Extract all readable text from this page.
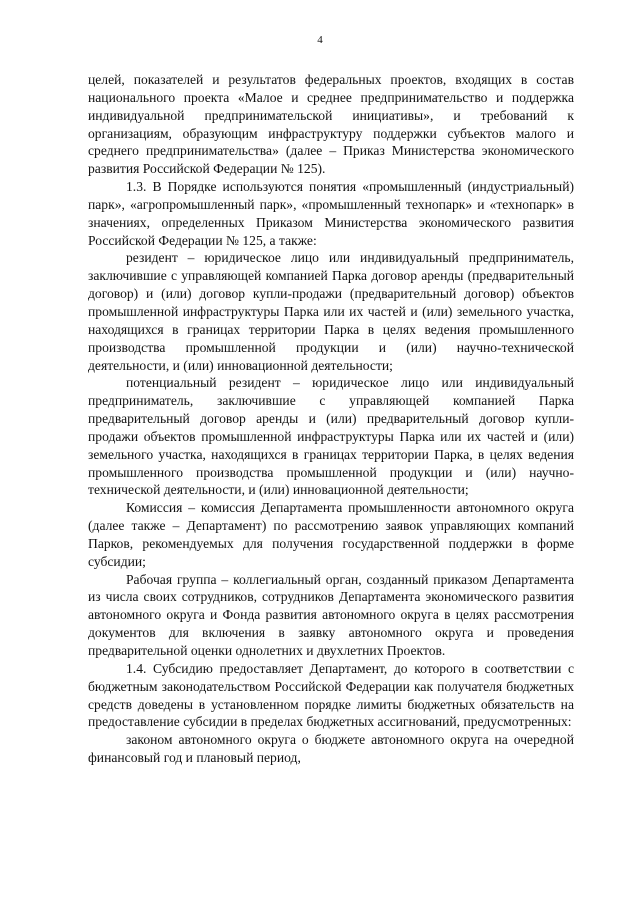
4

целей, показателей и результатов федеральных проектов, входящих в состав национального проекта «Малое и среднее предпринимательство и поддержка индивидуальной предпринимательской инициативы», и требований к организациям, образующим инфраструктуру поддержки субъектов малого и среднего предпринимательства» (далее – Приказ Министерства экономического развития Российской Федерации № 125).

1.3. В Порядке используются понятия «промышленный (индустриальный) парк», «агропромышленный парк», «промышленный технопарк» и «технопарк» в значениях, определенных Приказом Министерства экономического развития Российской Федерации № 125, а также:

резидент – юридическое лицо или индивидуальный предприниматель, заключившие с управляющей компанией Парка договор аренды (предварительный договор) и (или) договор купли-продажи (предварительный договор) объектов промышленной инфраструктуры Парка или их частей и (или) земельного участка, находящихся в границах территории Парка в целях ведения промышленного производства промышленной продукции и (или) научно-технической деятельности, и (или) инновационной деятельности;

потенциальный резидент – юридическое лицо или индивидуальный предприниматель, заключившие с управляющей компанией Парка предварительный договор аренды и (или) предварительный договор купли-продажи объектов промышленной инфраструктуры Парка или их частей и (или) земельного участка, находящихся в границах территории Парка, в целях ведения промышленного производства промышленной продукции и (или) научно-технической деятельности, и (или) инновационной деятельности;

Комиссия – комиссия Департамента промышленности автономного округа (далее также – Департамент) по рассмотрению заявок управляющих компаний Парков, рекомендуемых для получения государственной поддержки в форме субсидии;

Рабочая группа – коллегиальный орган, созданный приказом Департамента из числа своих сотрудников, сотрудников Департамента экономического развития автономного округа и Фонда развития автономного округа в целях рассмотрения документов для включения в заявку автономного округа и проведения предварительной оценки однолетних и двухлетних Проектов.

1.4. Субсидию предоставляет Департамент, до которого в соответствии с бюджетным законодательством Российской Федерации как получателя бюджетных средств доведены в установленном порядке лимиты бюджетных обязательств на предоставление субсидии в пределах бюджетных ассигнований, предусмотренных:

законом автономного округа о бюджете автономного округа на очередной финансовый год и плановый период,
